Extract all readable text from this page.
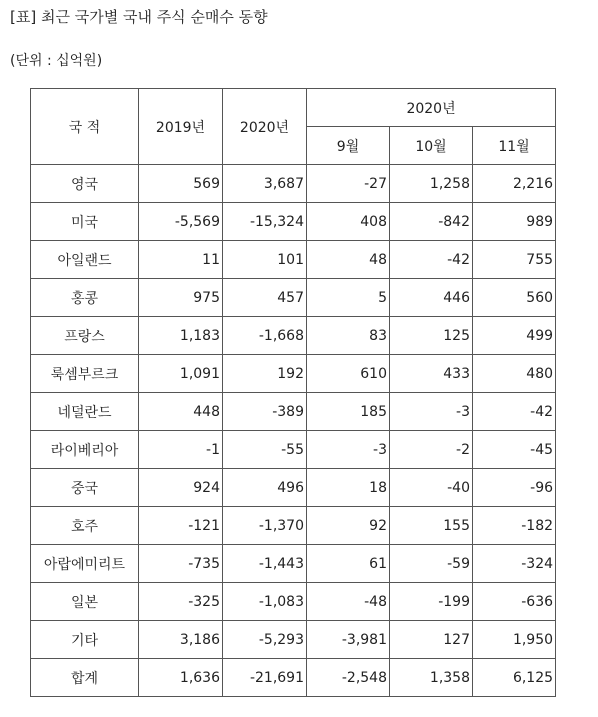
[표] 최근 국가별 국내 주식 순매수 동향
(단위 : 십억원)
국 적	2019년	2020년	2020년		
			9월	10월	11월
영국	569	3,687	-27	1,258	2,216
미국	-5,569	-15,324	408	-842	989
아일랜드	11	101	48	-42	755
홍콩	975	457	5	446	560
프랑스	1,183	-1,668	83	125	499
룩셈부르크	1,091	192	610	433	480
네덜란드	448	-389	185	-3	-42
라이베리아	-1	-55	-3	-2	-45
중국	924	496	18	-40	-96
호주	-121	-1,370	92	155	-182
아랍에미리트	-735	-1,443	61	-59	-324
일본	-325	-1,083	-48	-199	-636
기타	3,186	-5,293	-3,981	127	1,950
합계	1,636	-21,691	-2,548	1,358	6,125
